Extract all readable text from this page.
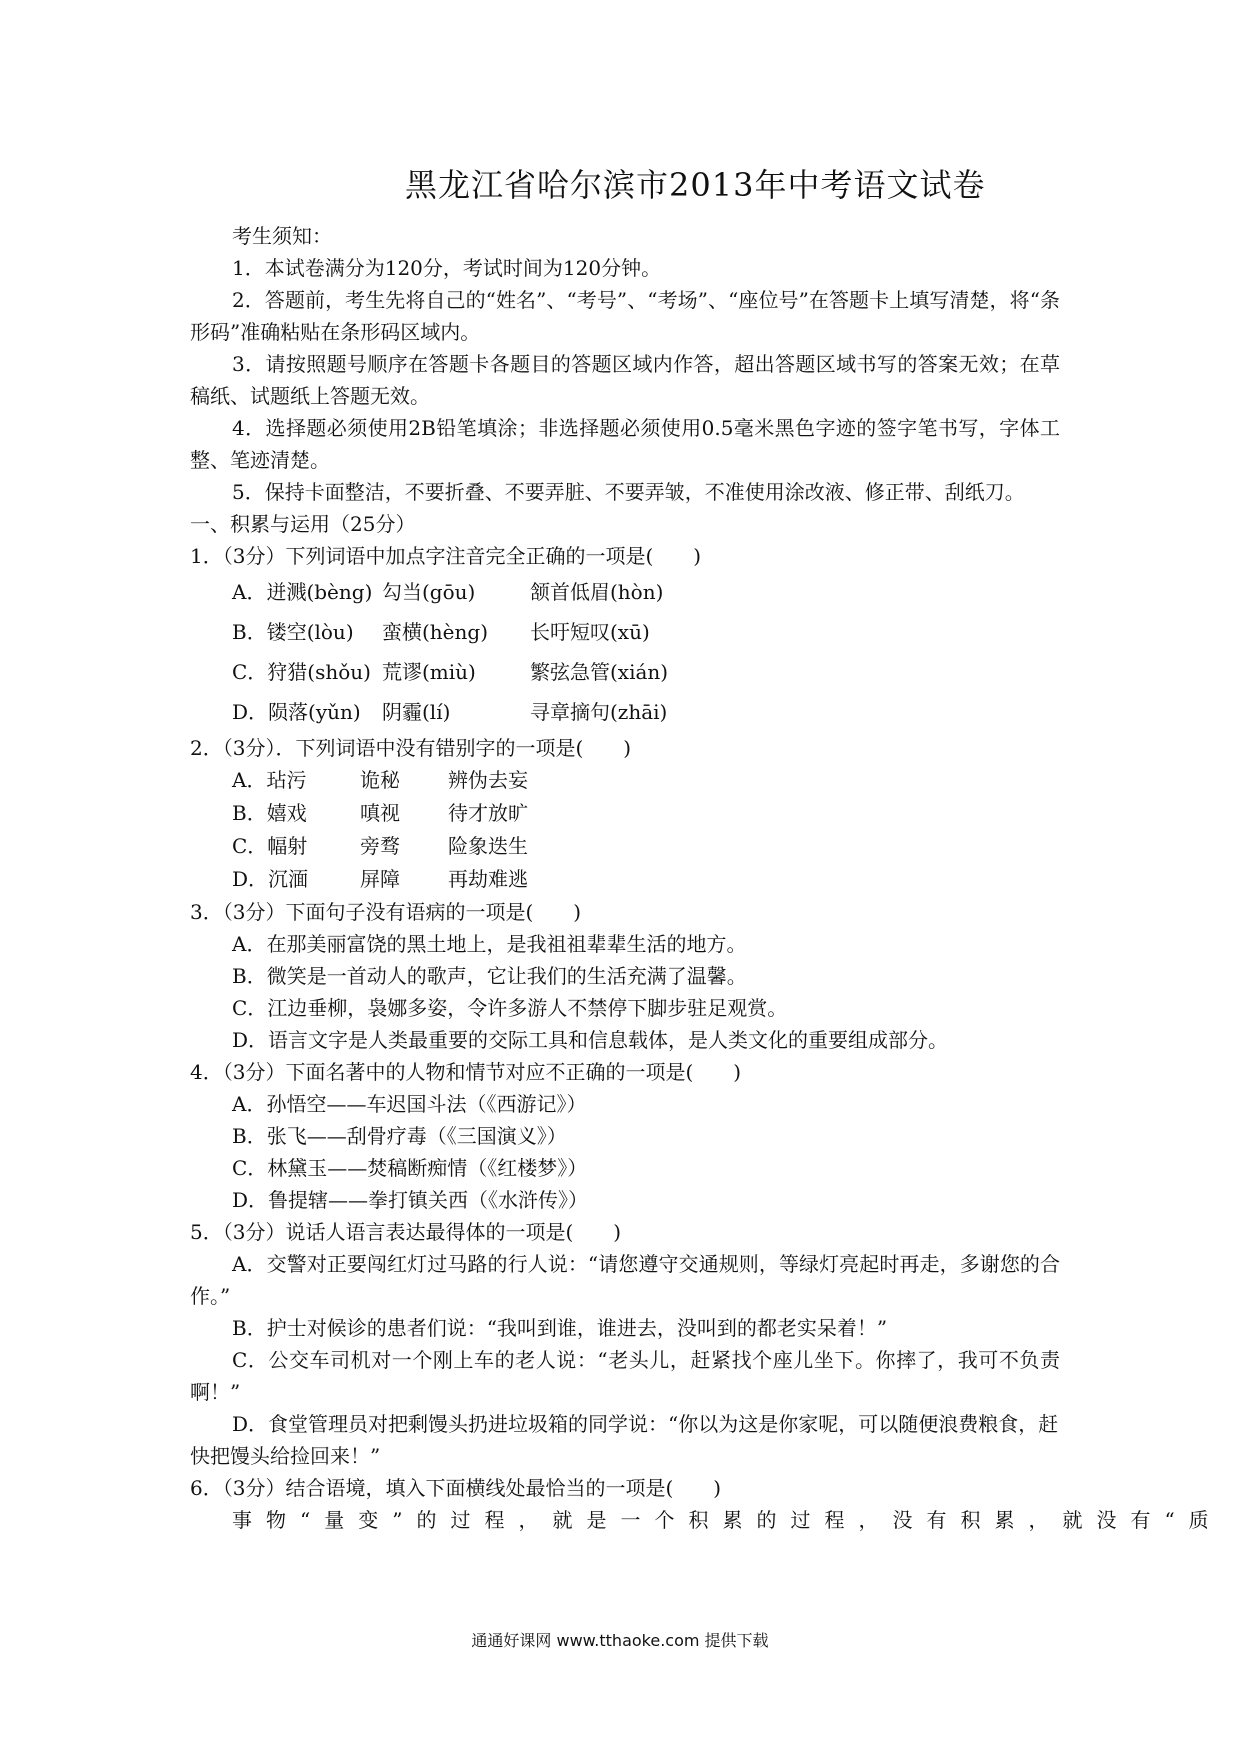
黑龙江省哈尔滨市2013年中考语文试卷
考生须知：
1．本试卷满分为120分，考试时间为120分钟。
2．答题前，考生先将自己的“姓名”、“考号”、“考场”、“座位号”在答题卡上填写清楚，将“条形码”准确粘贴在条形码区域内。
3．请按照题号顺序在答题卡各题目的答题区域内作答，超出答题区域书写的答案无效；在草稿纸、试题纸上答题无效。
4．选择题必须使用2B铅笔填涂；非选择题必须使用0.5毫米黑色字迹的签字笔书写，字体工整、笔迹清楚。
5．保持卡面整洁，不要折叠、不要弄脏、不要弄皱，不准使用涂改液、修正带、刮纸刀。
一、积累与运用（25分）
1．（3分）下列词语中加点字注音完全正确的一项是(　　)
A．迸溅(bèng) 勾当(gōu)	颔首低眉(hòn)
B．镂空(lòu)	蛮横(hèng)	长吁短叹(xū)
C．狩猎(shǒu) 荒谬(miù)	繁弦急管(xián)
D．陨落(yǔn)	阴霾(lí)	寻章摘句(zhāi)
2．（3分）．下列词语中没有错别字的一项是(　　)
A．玷污	诡秘	辨伪去妄
B．嬉戏	嗔视	待才放旷
C．幅射	旁骛	险象迭生
D．沉湎	屏障	再劫难逃
3．（3分）下面句子没有语病的一项是(　　)
A．在那美丽富饶的黑土地上，是我祖祖辈辈生活的地方。
B．微笑是一首动人的歌声，它让我们的生活充满了温馨。
C．江边垂柳，袅娜多姿，令许多游人不禁停下脚步驻足观赏。
D．语言文字是人类最重要的交际工具和信息载体，是人类文化的重要组成部分。
4．（3分）下面名著中的人物和情节对应不正确的一项是(　　)
A．孙悟空——车迟国斗法（《西游记》）
B．张飞——刮骨疗毒（《三国演义》）
C．林黛玉——焚稿断痴情（《红楼梦》）
D．鲁提辖——拳打镇关西（《水浒传》）
5．（3分）说话人语言表达最得体的一项是(　　)
A．交警对正要闯红灯过马路的行人说：“请您遵守交通规则，等绿灯亮起时再走，多谢您的合作。”
B．护士对候诊的患者们说：“我叫到谁，谁进去，没叫到的都老实呆着！”
C．公交车司机对一个刚上车的老人说：“老头儿，赶紧找个座儿坐下。你摔了，我可不负责啊！”
D．食堂管理员对把剩馒头扔进垃圾箱的同学说：“你以为这是你家呢，可以随便浪费粮食，赶快把馒头给捡回来！”
6．（3分）结合语境，填入下面横线处最恰当的一项是(　　)
事物“量变”的过程，就是一个积累的过程，没有积累，就没有“质
通通好课网 www.tthaoke.com 提供下载
